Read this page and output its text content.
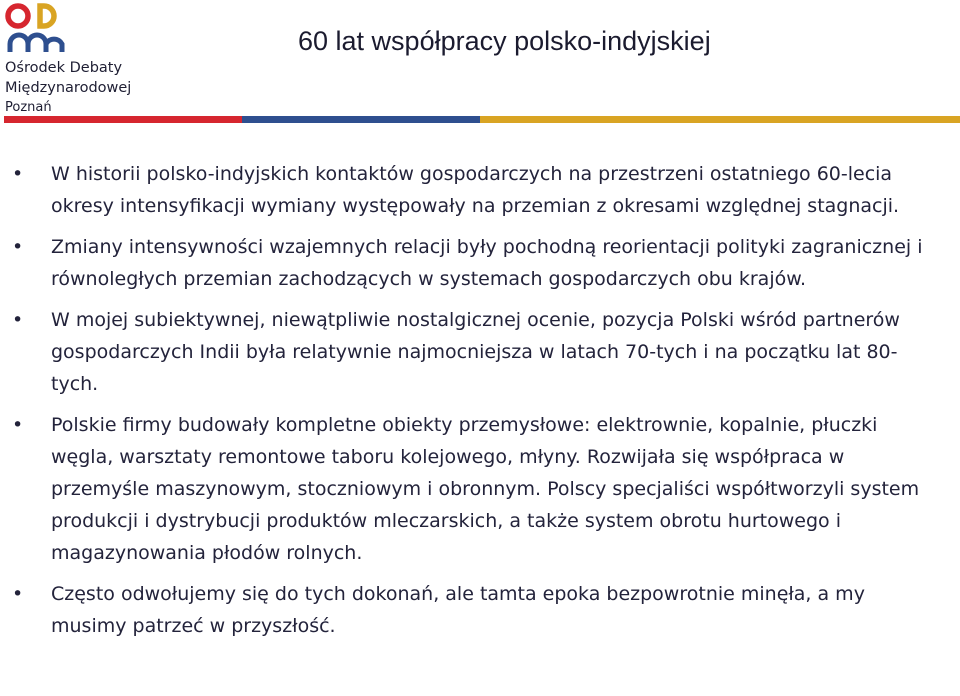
Ośrodek Debaty
Międzynarodowej
Poznań
60 lat współpracy polsko-indyjskiej
• W historii polsko-indyjskich kontaktów gospodarczych na przestrzeni ostatniego 60-lecia okresy intensyfikacji wymiany występowały na przemian z okresami względnej stagnacji.
• Zmiany intensywności wzajemnych relacji były pochodną reorientacji polityki zagranicznej i równoległych przemian zachodzących w systemach gospodarczych obu krajów.
• W mojej subiektywnej, niewątpliwie nostalgicznej ocenie, pozycja Polski wśród partnerów gospodarczych Indii była relatywnie najmocniejsza w latach 70-tych i na początku lat 80-tych.
• Polskie firmy budowały kompletne obiekty przemysłowe: elektrownie, kopalnie, płuczki węgla, warsztaty remontowe taboru kolejowego, młyny. Rozwijała się współpraca w przemyśle maszynowym, stoczniowym i obronnym. Polscy specjaliści współtworzyli system produkcji i dystrybucji produktów mleczarskich, a także system obrotu hurtowego i magazynowania płodów rolnych.
• Często odwołujemy się do tych dokonań, ale tamta epoka bezpowrotnie minęła, a my musimy patrzeć w przyszłość.
